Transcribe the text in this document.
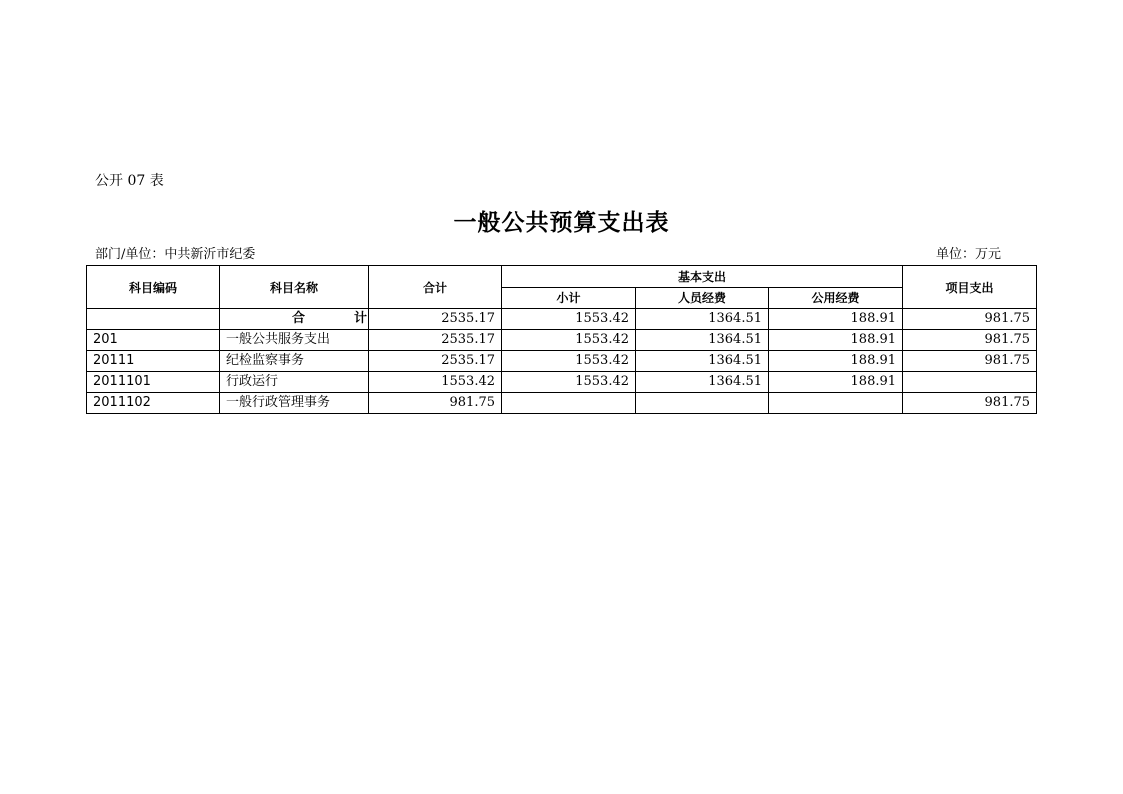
公开 07 表
一般公共预算支出表
部门/单位：中共新沂市纪委	单位：万元
科目编码	科目名称	合计	基本支出			项目支出
			小计	人员经费	公用经费	
	合 计	2535.17	1553.42	1364.51	188.91	981.75
201	一般公共服务支出	2535.17	1553.42	1364.51	188.91	981.75
20111	纪检监察事务	2535.17	1553.42	1364.51	188.91	981.75
2011101	行政运行	1553.42	1553.42	1364.51	188.91	
2011102	一般行政管理事务	981.75				981.75
